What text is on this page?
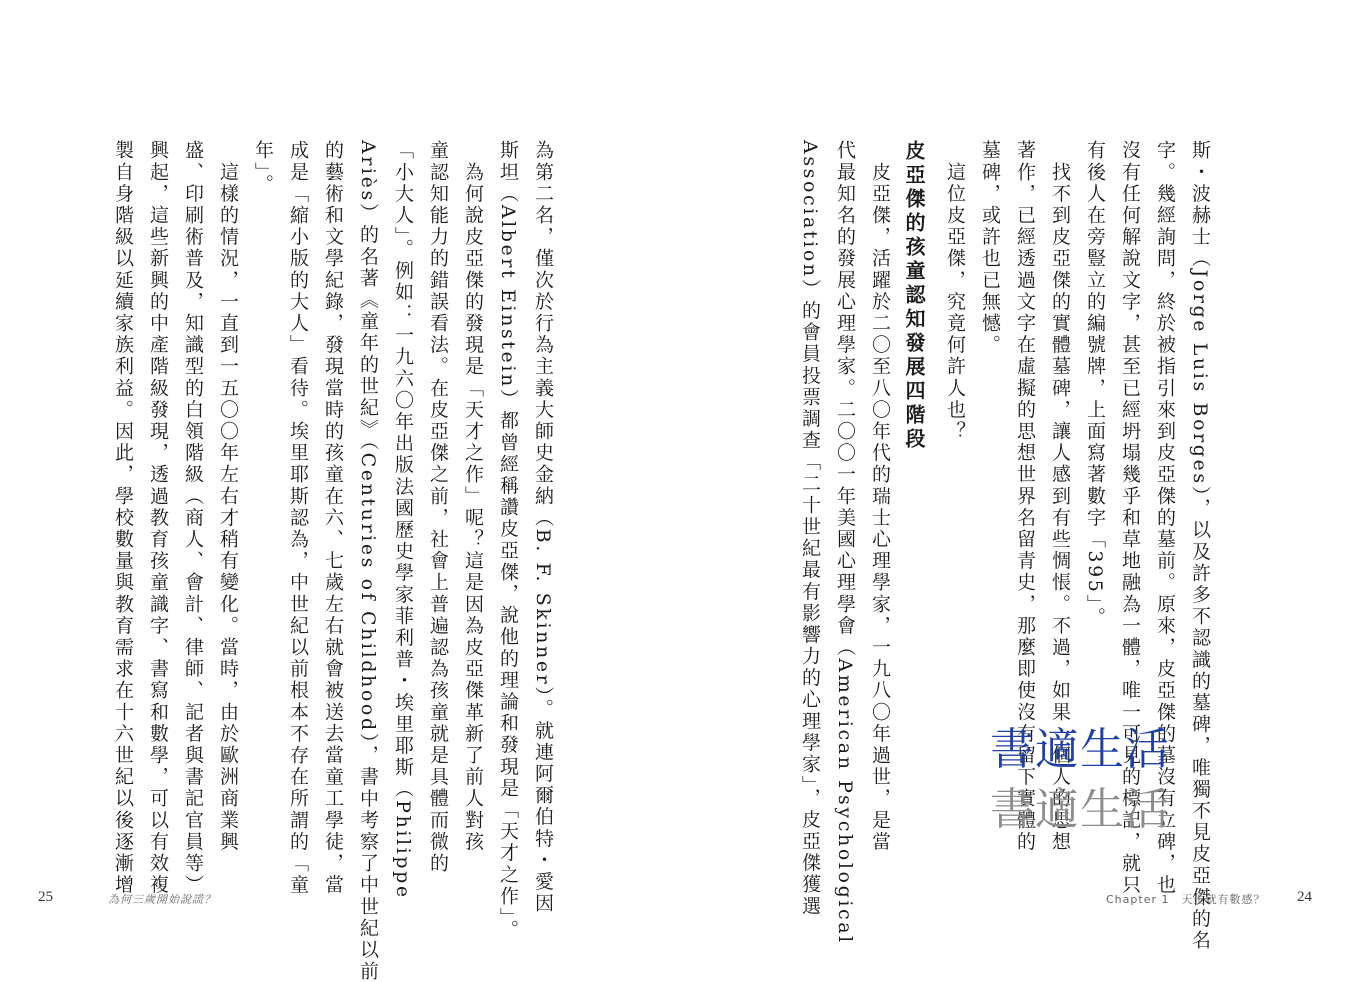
為第二名，僅次於行為主義大師史金納（B. F. Skinner）。就連阿爾伯特・愛因
斯坦（Albert Einstein）都曾經稱讚皮亞傑，說他的理論和發現是「天才之作」。
　為何說皮亞傑的發現是「天才之作」呢？這是因為皮亞傑革新了前人對孩
童認知能力的錯誤看法。在皮亞傑之前，社會上普遍認為孩童就是具體而微的
「小大人」。例如：一九六〇年出版法國歷史學家菲利普・埃里耶斯（Philippe
Ariès）的名著《童年的世紀》（Centuries of Childhood），書中考察了中世紀以前
的藝術和文學紀錄，發現當時的孩童在六、七歲左右就會被送去當童工學徒，當
成是「縮小版的大人」看待。埃里耶斯認為，中世紀以前根本不存在所謂的「童
年」。
　這樣的情況，一直到一五〇〇年左右才稍有變化。當時，由於歐洲商業興
盛、印刷術普及，知識型的白領階級（商人、會計、律師、記者與書記官員等）
興起，這些新興的中產階級發現，透過教育孩童識字、書寫和數學，可以有效複
製自身階級以延續家族利益。因此，學校數量與教育需求在十六世紀以後逐漸增
25	為何三歲開始說謊？	斯・波赫士（Jorge Luis Borges），以及許多不認識的墓碑，唯獨不見皮亞傑的名
字。幾經詢問，終於被指引來到皮亞傑的墓前。原來，皮亞傑的墓沒有立碑，也
沒有任何解說文字，甚至已經坍塌幾乎和草地融為一體，唯一可見的標記，就只
有後人在旁豎立的編號牌，上面寫著數字「395」。
　找不到皮亞傑的實體墓碑，讓人感到有些惆悵。不過，如果一個人的思想
著作，已經透過文字在虛擬的思想世界名留青史，那麼即使沒有留下實體的
墓碑，或許也已無憾。
　這位皮亞傑，究竟何許人也？
皮亞傑的孩童認知發展四階段
　皮亞傑，活躍於二〇至八〇年代的瑞士心理學家，一九八〇年過世，是當
代最知名的發展心理學家。二〇〇一年美國心理學會（American Psychological
Association）的會員投票調查「二十世紀最有影響力的心理學家」，皮亞傑獲選	Chapter 1　天生就有數感？ 24
書適生活
書適生活
